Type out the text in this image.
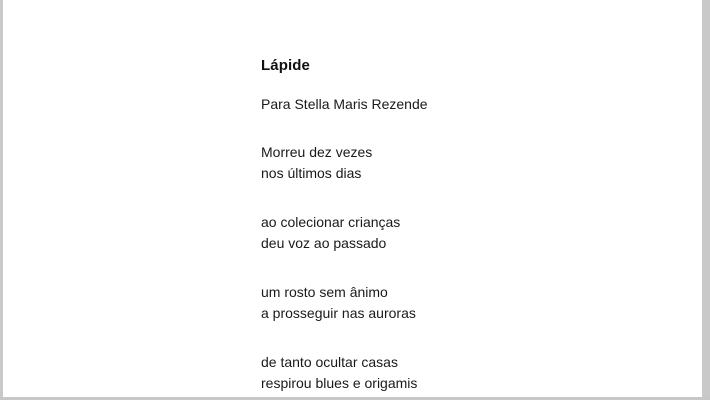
Lápide
Para Stella Maris Rezende
Morreu dez vezes
nos últimos dias
ao colecionar crianças
deu voz ao passado
um rosto sem ânimo
a prosseguir nas auroras
de tanto ocultar casas
respirou blues e origamis
